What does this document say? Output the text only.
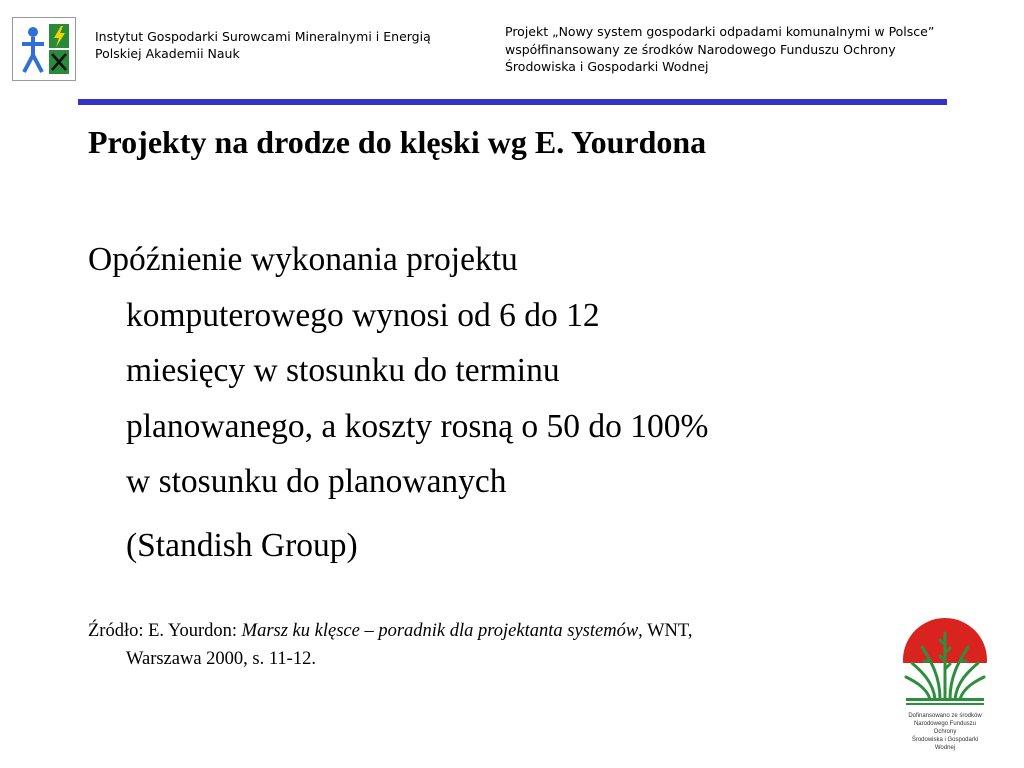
Instytut Gospodarki Surowcami Mineralnymi i Energią
Polskiej Akademii Nauk
Projekt „Nowy system gospodarki odpadami komunalnymi w Polsce”
współfinansowany ze środków Narodowego Funduszu Ochrony
Środowiska i Gospodarki Wodnej
Projekty na drodze do klęski wg E. Yourdona
Opóźnienie wykonania projektu
komputerowego wynosi od 6 do 12
miesięcy w stosunku do terminu
planowanego, a koszty rosną o 50 do 100%
w stosunku do planowanych
(Standish Group)
Źródło: E. Yourdon: Marsz ku klęsce – poradnik dla projektanta systemów, WNT,
Warszawa 2000, s. 11-12.
Dofinansowano ze środków
Narodowego Funduszu Ochrony
Środowiska i Gospodarki Wodnej
